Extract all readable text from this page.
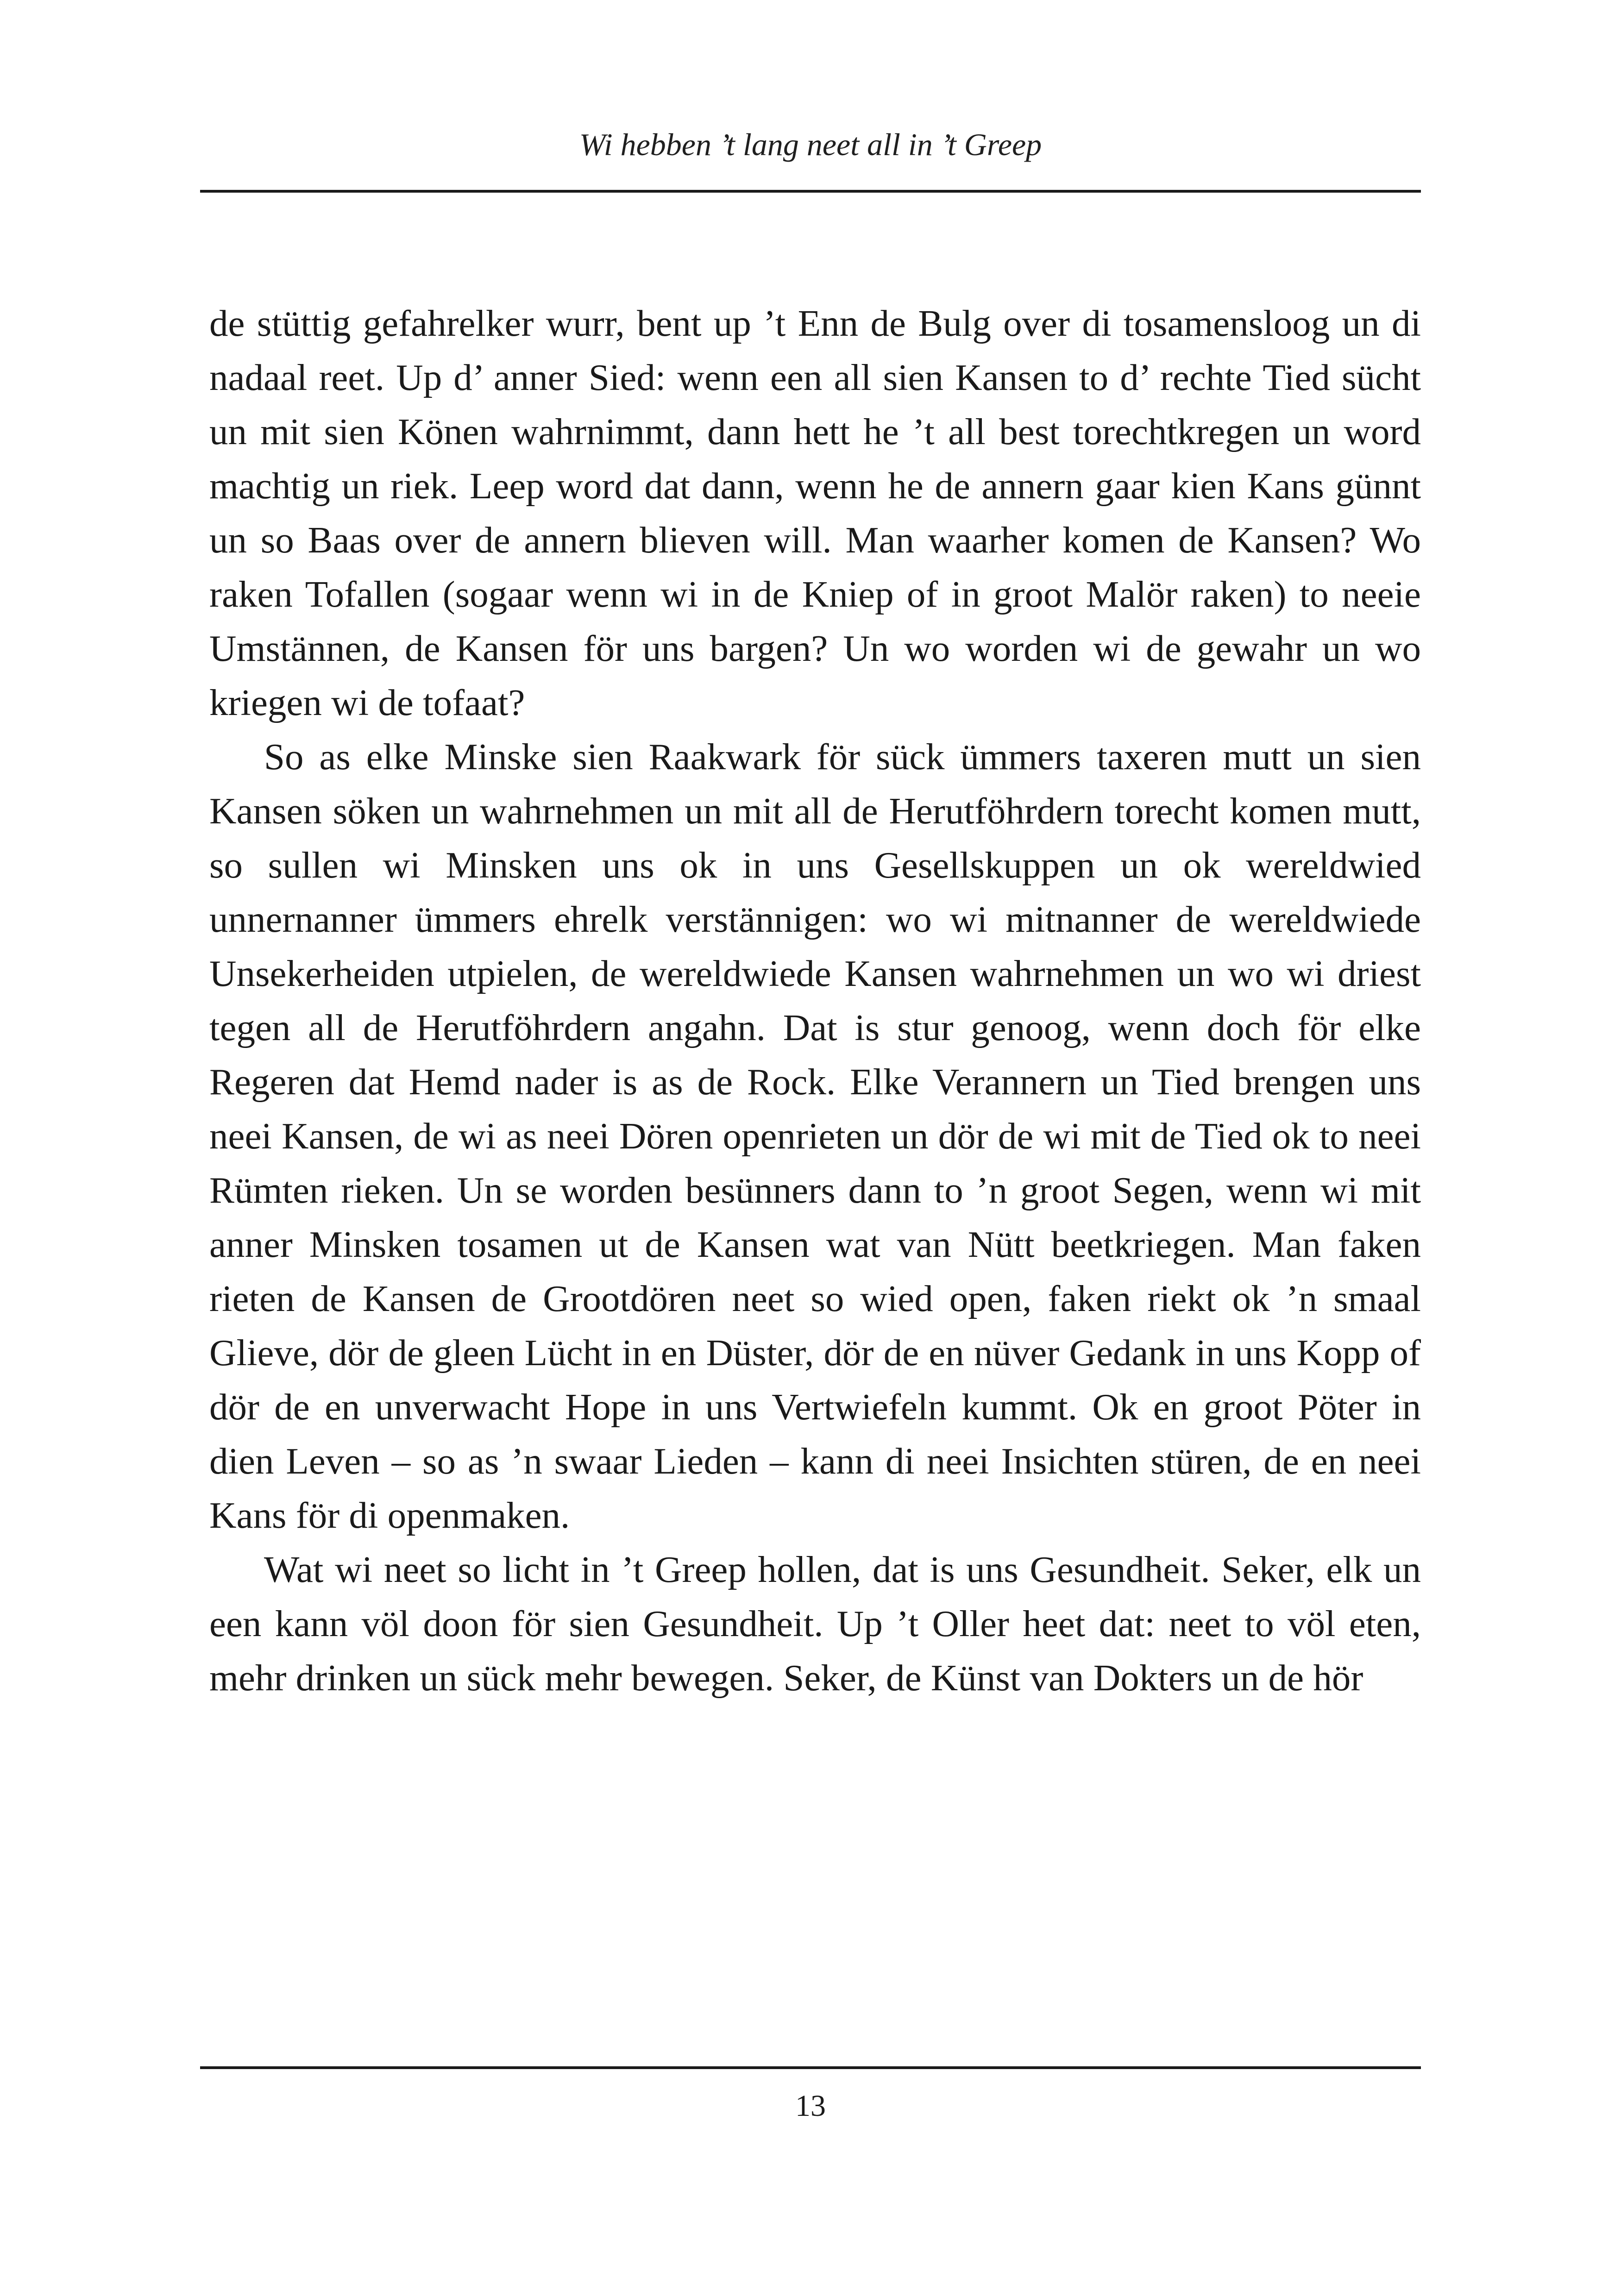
Wi hebben ’t lang neet all in ’t Greep

de stüttig gefahrelker wurr, bent up ’t Enn de Bulg over di tosamensloog un di nadaal reet. Up d’ anner Sied: wenn een all sien Kansen to d’ rechte Tied sücht un mit sien Könen wahrnimmt, dann hett he ’t all best torechtkregen un word machtig un riek. Leep word dat dann, wenn he de annern gaar kien Kans günnt un so Baas over de annern blieven will. Man waarher komen de Kansen? Wo raken Tofallen (sogaar wenn wi in de Kniep of in groot Malör raken) to neeie Umstännen, de Kansen för uns bargen? Un wo worden wi de gewahr un wo kriegen wi de tofaat?

So as elke Minske sien Raakwark för sück ümmers taxeren mutt un sien Kansen söken un wahrnehmen un mit all de Herutföhrdern torecht komen mutt, so sullen wi Minsken uns ok in uns Gesellskuppen un ok wereldwied unnernanner ümmers ehrelk verstännigen: wo wi mitnanner de wereldwiede Unsekerheiden utpielen, de wereldwiede Kansen wahrnehmen un wo wi driest tegen all de Herutföhrdern angahn. Dat is stur genoog, wenn doch för elke Regeren dat Hemd nader is as de Rock. Elke Verannern un Tied brengen uns neei Kansen, de wi as neei Dören openrieten un dör de wi mit de Tied ok to neei Rümten rieken. Un se worden besünners dann to ’n groot Segen, wenn wi mit anner Minsken tosamen ut de Kansen wat van Nütt beetkriegen. Man faken rieten de Kansen de Grootdören neet so wied open, faken riekt ok ’n smaal Glieve, dör de gleen Lücht in en Düster, dör de en nüver Gedank in uns Kopp of dör de en unverwacht Hope in uns Vertwiefeln kummt. Ok en groot Pöter in dien Leven – so as ’n swaar Lieden – kann di neei Insichten stüren, de en neei Kans för di openmaken.

Wat wi neet so licht in ’t Greep hollen, dat is uns Gesundheit. Seker, elk un een kann völ doon för sien Gesundheit. Up ’t Oller heet dat: neet to völ eten, mehr drinken un sück mehr bewegen. Seker, de Künst van Dokters un de hör

13
